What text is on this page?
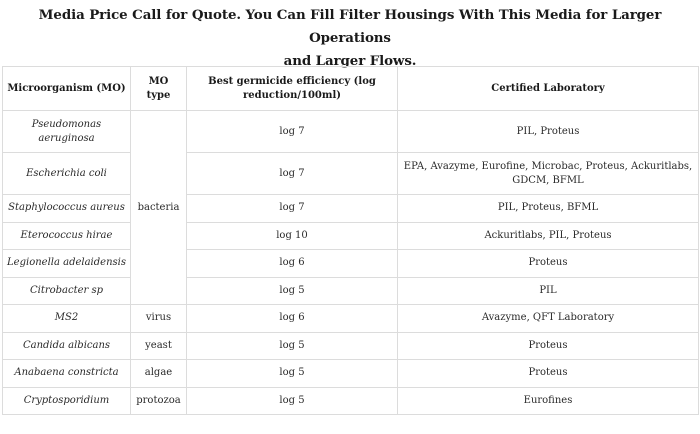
Media Price Call for Quote. You Can Fill Filter Housings With This Media for Larger Operations
and Larger Flows.
Microorganism (MO)	MO type	Best germicide efficiency (log reduction/100ml)	Certified Laboratory
Pseudomonas aeruginosa	bacteria	log 7	PIL, Proteus
Escherichia coli		log 7	EPA, Avazyme, Eurofine, Microbac, Proteus, Ackuritlabs, GDCM, BFML
Staphylococcus aureus		log 7	PIL, Proteus, BFML
Eterococcus hirae		log 10	Ackuritlabs, PIL, Proteus
Legionella adelaidensis		log 6	Proteus
Citrobacter sp		log 5	PIL
MS2	virus	log 6	Avazyme, QFT Laboratory
Candida albicans	yeast	log 5	Proteus
Anabaena constricta	algae	log 5	Proteus
Cryptosporidium	protozoa	log 5	Eurofines
